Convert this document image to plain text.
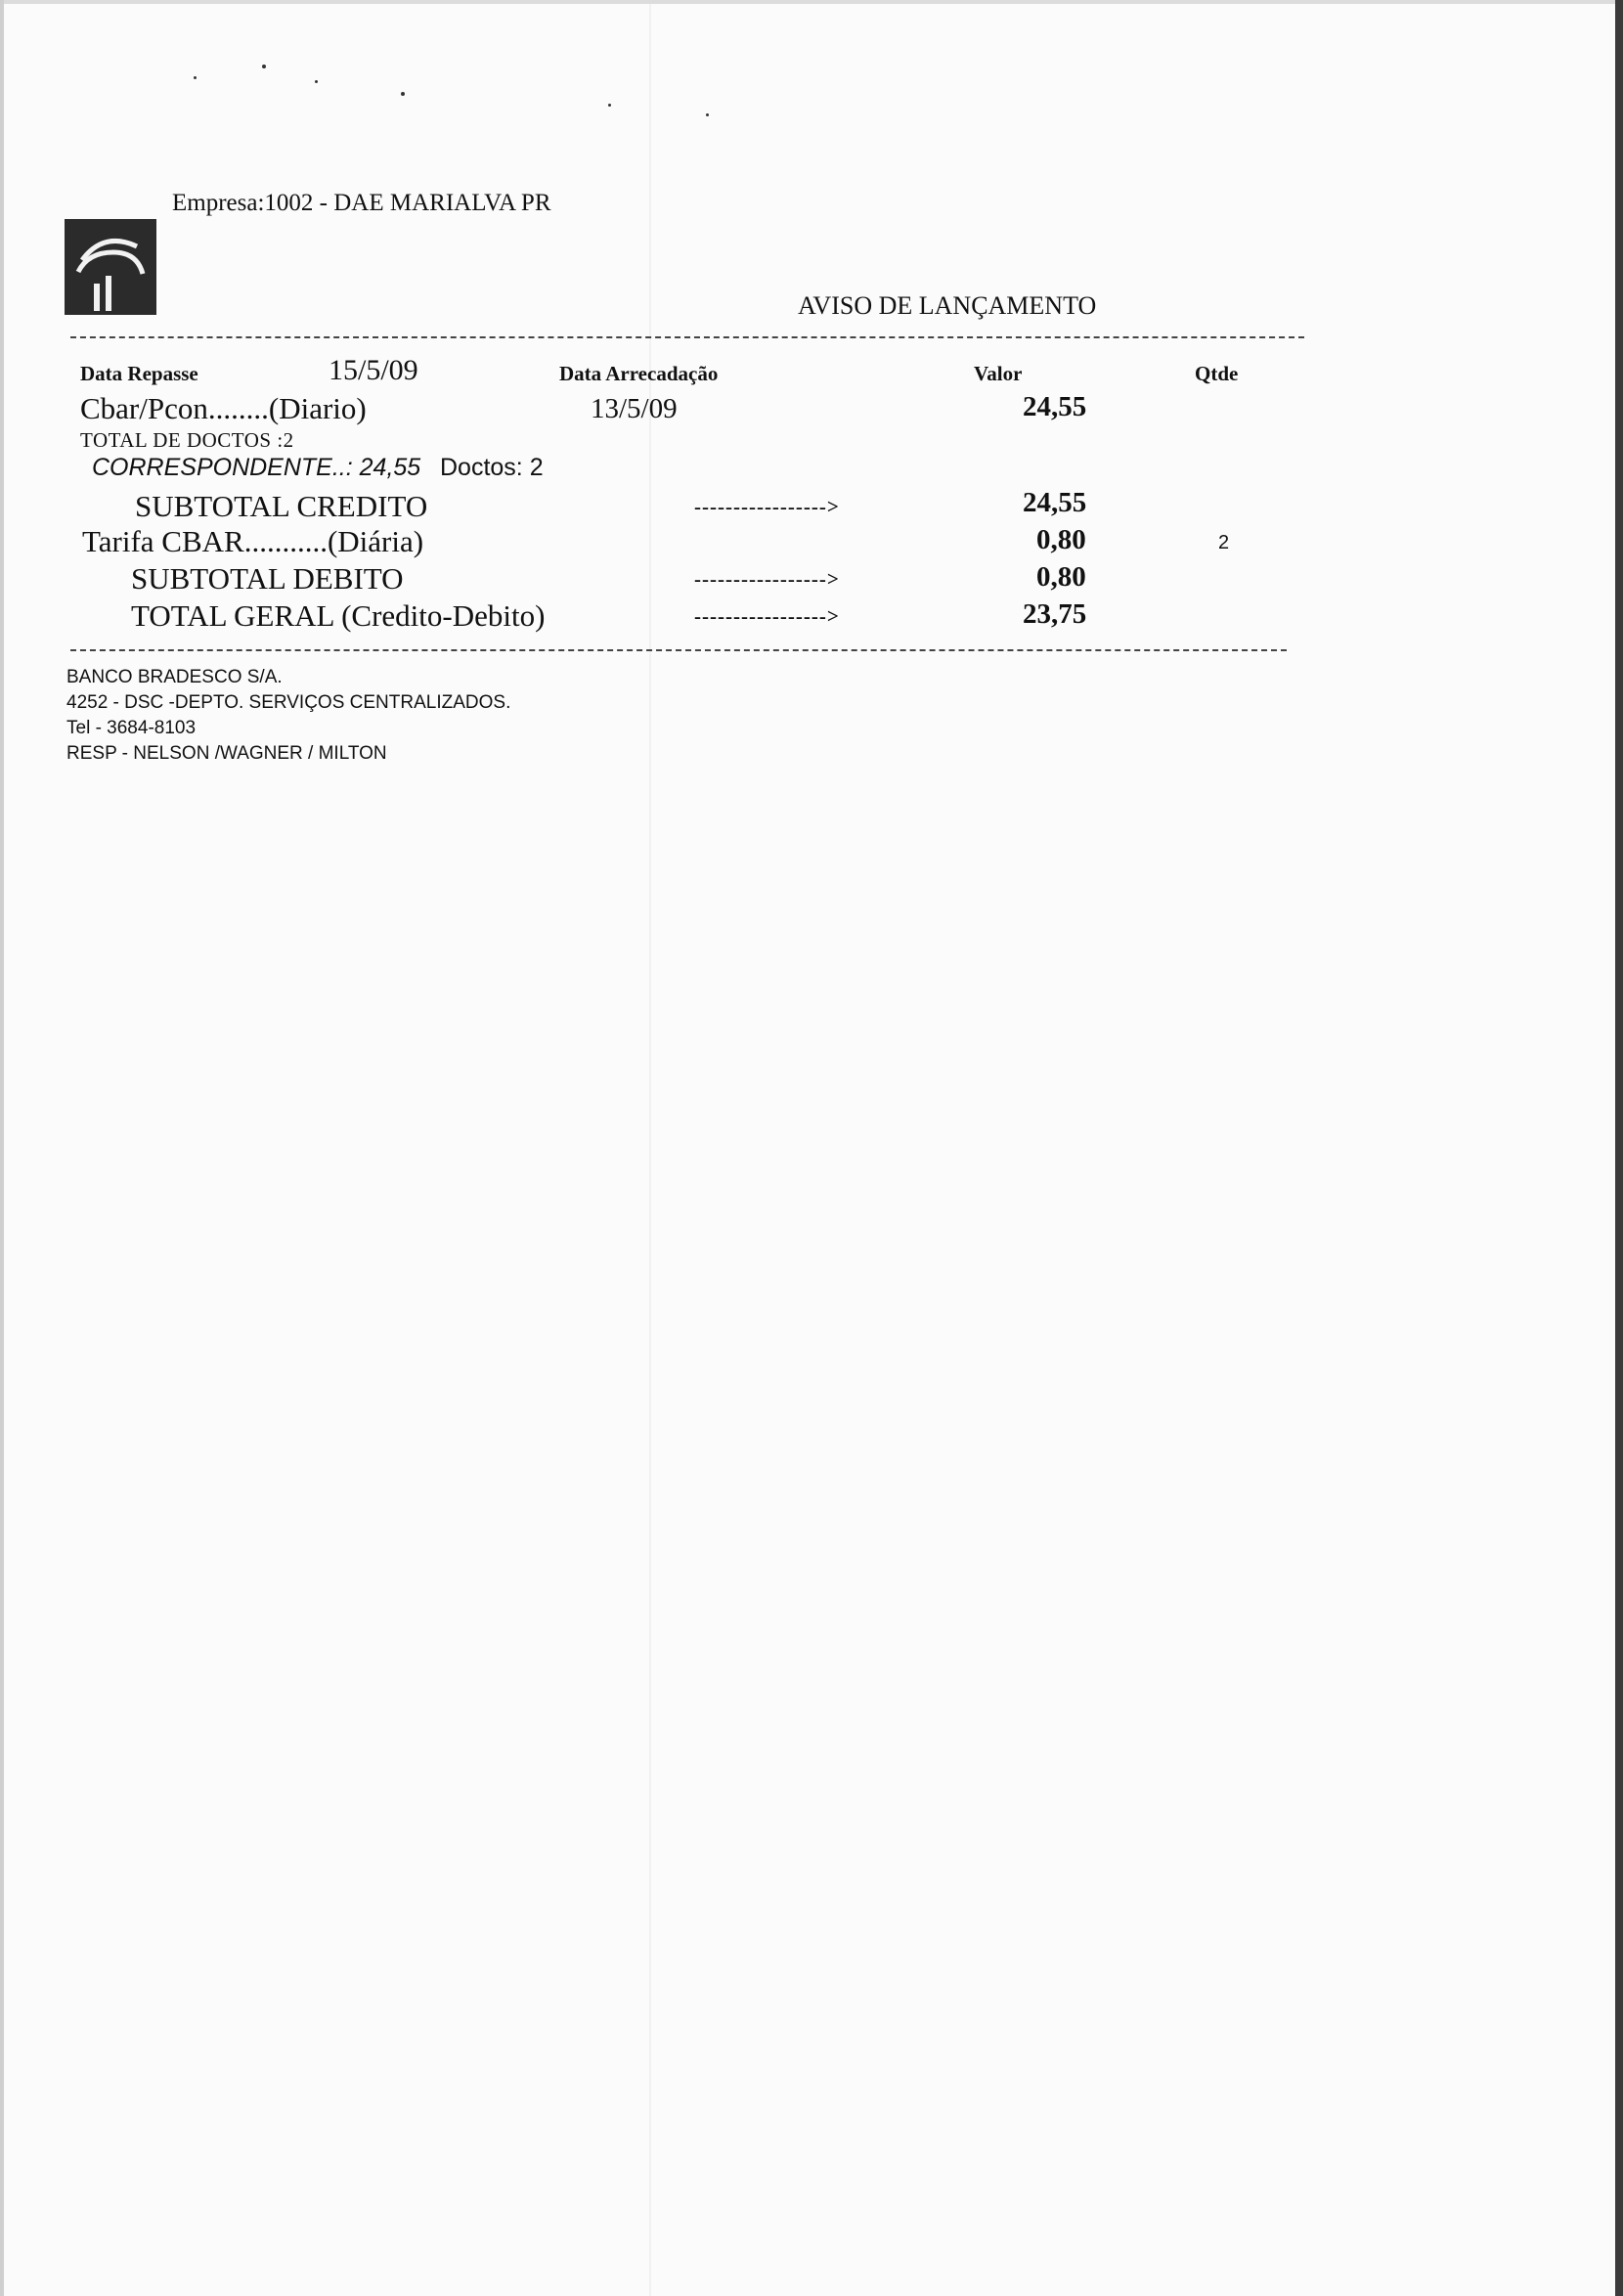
Empresa:1002 - DAE MARIALVA PR
AVISO DE LANÇAMENTO
Data Repasse	15/5/09	Data Arrecadação	Valor	Qtde
Cbar/Pcon........(Diario)	13/5/09	24,55
TOTAL DE DOCTOS :2
CORRESPONDENTE..: 24,55 Doctos: 2
SUBTOTAL CREDITO	----------------->	24,55
Tarifa CBAR...........(Diária)	0,80	2
SUBTOTAL DEBITO	----------------->	0,80
TOTAL GERAL (Credito-Debito)	----------------->	23,75
BANCO BRADESCO S/A.
4252 - DSC -DEPTO. SERVIÇOS CENTRALIZADOS.
Tel - 3684-8103
RESP - NELSON /WAGNER / MILTON
